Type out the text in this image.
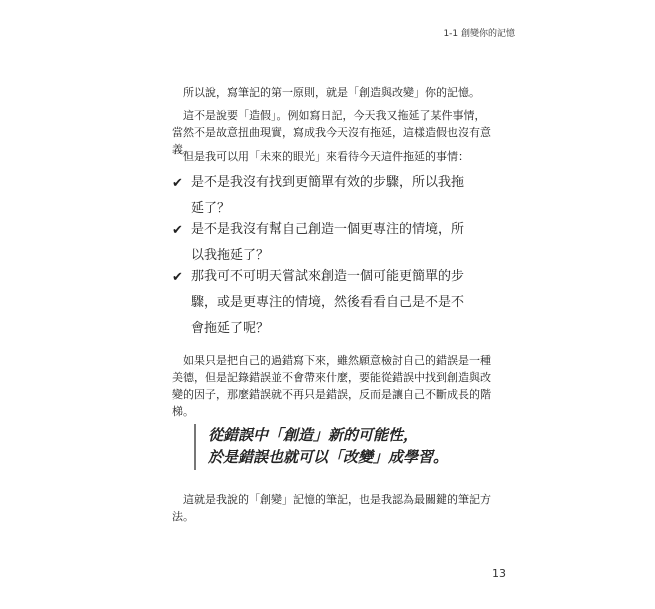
1-1 創變你的記憶
所以說，寫筆記的第一原則，就是「創造與改變」你的記憶。
這不是說要「造假」。例如寫日記，今天我又拖延了某件事情，當然不是故意扭曲現實，寫成我今天沒有拖延，這樣造假也沒有意義。
但是我可以用「未來的眼光」來看待今天這件拖延的事情：
✔ 是不是我沒有找到更簡單有效的步驟，所以我拖
延了？
✔ 是不是我沒有幫自己創造一個更專注的情境，所
以我拖延了？
✔ 那我可不可明天嘗試來創造一個可能更簡單的步
驟，或是更專注的情境，然後看看自己是不是不
會拖延了呢？
如果只是把自己的過錯寫下來，雖然願意檢討自己的錯誤是一種美德，但是記錄錯誤並不會帶來什麼，要能從錯誤中找到創造與改變的因子，那麼錯誤就不再只是錯誤，反而是讓自己不斷成長的階梯。
從錯誤中「創造」新的可能性，
於是錯誤也就可以「改變」成學習。
這就是我說的「創變」記憶的筆記，也是我認為最關鍵的筆記方法。
13
